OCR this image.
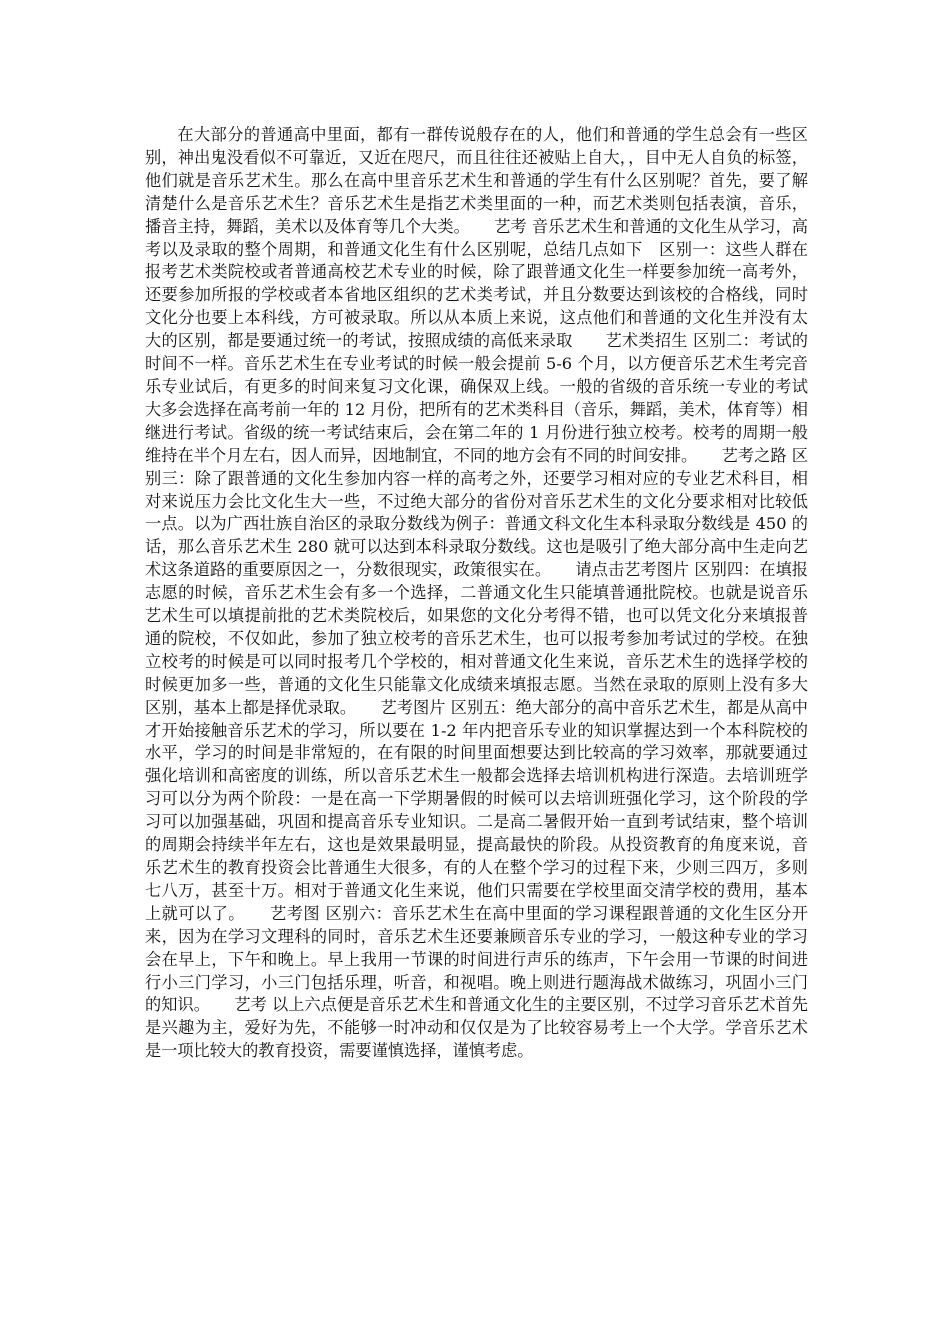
在大部分的普通高中里面，都有一群传说般存在的人，他们和普通的学生总会有一些区别，神出鬼没看似不可靠近，又近在咫尺，而且往往还被贴上自大，，目中无人自负的标签，他们就是音乐艺术生。那么在高中里音乐艺术生和普通的学生有什么区别呢？首先，要了解清楚什么是音乐艺术生？音乐艺术生是指艺术类里面的一种，而艺术类则包括表演，音乐，播音主持，舞蹈，美术以及体育等几个大类。　　艺考 音乐艺术生和普通的文化生从学习，高考以及录取的整个周期，和普通文化生有什么区别呢，总结几点如下　区别一：这些人群在报考艺术类院校或者普通高校艺术专业的时候，除了跟普通文化生一样要参加统一高考外，还要参加所报的学校或者本省地区组织的艺术类考试，并且分数要达到该校的合格线，同时文化分也要上本科线，方可被录取。所以从本质上来说，这点他们和普通的文化生并没有太大的区别，都是要通过统一的考试，按照成绩的高低来录取　　艺术类招生 区别二：考试的时间不一样。音乐艺术生在专业考试的时候一般会提前 5-6 个月，以方便音乐艺术生考完音乐专业试后，有更多的时间来复习文化课，确保双上线。一般的省级的音乐统一专业的考试大多会选择在高考前一年的 12 月份，把所有的艺术类科目（音乐，舞蹈，美术，体育等）相继进行考试。省级的统一考试结束后，会在第二年的 1 月份进行独立校考。校考的周期一般维持在半个月左右，因人而异，因地制宜，不同的地方会有不同的时间安排。　　艺考之路 区别三：除了跟普通的文化生参加内容一样的高考之外，还要学习相对应的专业艺术科目，相对来说压力会比文化生大一些，不过绝大部分的省份对音乐艺术生的文化分要求相对比较低一点。以为广西壮族自治区的录取分数线为例子：普通文科文化生本科录取分数线是 450 的话，那么音乐艺术生 280 就可以达到本科录取分数线。这也是吸引了绝大部分高中生走向艺术这条道路的重要原因之一，分数很现实，政策很实在。　　请点击艺考图片 区别四：在填报志愿的时候，音乐艺术生会有多一个选择，二普通文化生只能填普通批院校。也就是说音乐艺术生可以填提前批的艺术类院校后，如果您的文化分考得不错，也可以凭文化分来填报普通的院校，不仅如此，参加了独立校考的音乐艺术生，也可以报考参加考试过的学校。在独立校考的时候是可以同时报考几个学校的，相对普通文化生来说，音乐艺术生的选择学校的时候更加多一些，普通的文化生只能靠文化成绩来填报志愿。当然在录取的原则上没有多大区别，基本上都是择优录取。　　艺考图片 区别五：绝大部分的高中音乐艺术生，都是从高中才开始接触音乐艺术的学习，所以要在 1-2 年内把音乐专业的知识掌握达到一个本科院校的水平，学习的时间是非常短的，在有限的时间里面想要达到比较高的学习效率，那就要通过强化培训和高密度的训练，所以音乐艺术生一般都会选择去培训机构进行深造。去培训班学习可以分为两个阶段：一是在高一下学期暑假的时候可以去培训班强化学习，这个阶段的学习可以加强基础，巩固和提高音乐专业知识。二是高二暑假开始一直到考试结束，整个培训的周期会持续半年左右，这也是效果最明显，提高最快的阶段。从投资教育的角度来说，音乐艺术生的教育投资会比普通生大很多，有的人在整个学习的过程下来，少则三四万，多则七八万，甚至十万。相对于普通文化生来说，他们只需要在学校里面交清学校的费用，基本上就可以了。　　艺考图 区别六：音乐艺术生在高中里面的学习课程跟普通的文化生区分开来，因为在学习文理科的同时，音乐艺术生还要兼顾音乐专业的学习，一般这种专业的学习会在早上，下午和晚上。早上我用一节课的时间进行声乐的练声，下午会用一节课的时间进行小三门学习，小三门包括乐理，听音，和视唱。晚上则进行题海战术做练习，巩固小三门的知识。　　艺考 以上六点便是音乐艺术生和普通文化生的主要区别，不过学习音乐艺术首先是兴趣为主，爱好为先，不能够一时冲动和仅仅是为了比较容易考上一个大学。学音乐艺术是一项比较大的教育投资，需要谨慎选择，谨慎考虑。
